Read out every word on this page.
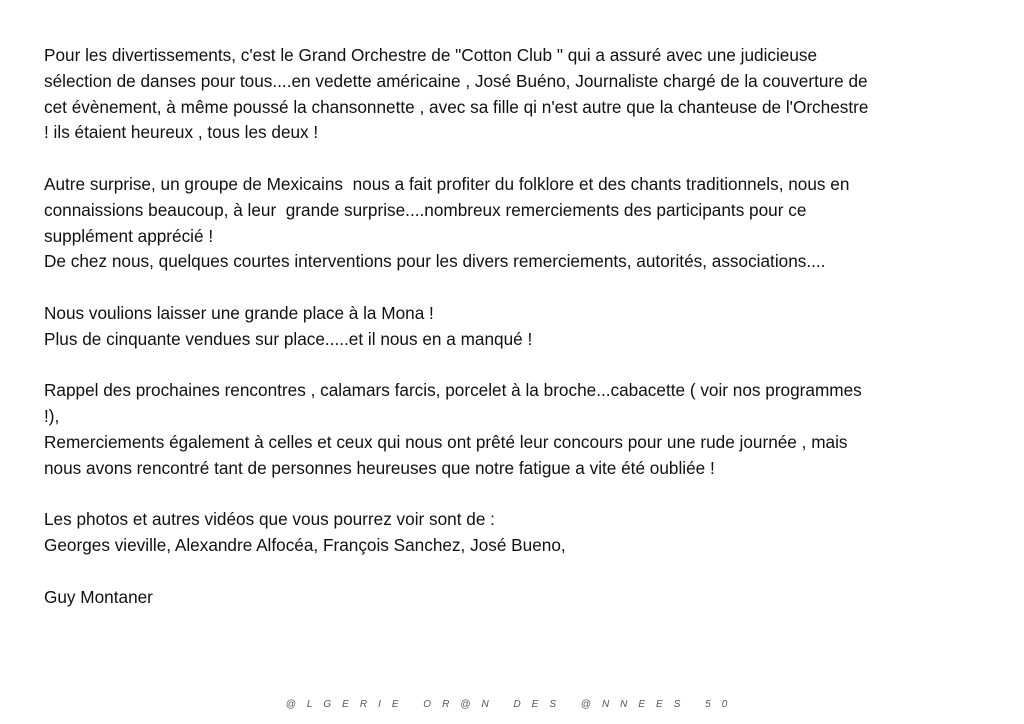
Pour les divertissements, c'est le Grand Orchestre de "Cotton Club " qui a assuré avec une judicieuse
sélection de danses pour tous....en vedette américaine , José Buéno, Journaliste chargé de la couverture de
cet évènement, à même poussé la chansonnette , avec sa fille qi n'est autre que la chanteuse de l'Orchestre
! ils étaient heureux , tous les deux !
Autre surprise, un groupe de Mexicains  nous a fait profiter du folklore et des chants traditionnels, nous en
connaissions beaucoup, à leur  grande surprise....nombreux remerciements des participants pour ce
supplément apprécié !
De chez nous, quelques courtes interventions pour les divers remerciements, autorités, associations....
Nous voulions laisser une grande place à la Mona !
Plus de cinquante vendues sur place.....et il nous en a manqué !
Rappel des prochaines rencontres , calamars farcis, porcelet à la broche...cabacette ( voir nos programmes
!),
Remerciements également à celles et ceux qui nous ont prêté leur concours pour une rude journée , mais
nous avons rencontré tant de personnes heureuses que notre fatigue a vite été oubliée !
Les photos et autres vidéos que vous pourrez voir sont de :
Georges vieville, Alexandre Alfocéa, François Sanchez, José Bueno,
Guy Montaner
@LGERIE OR@N DES @NNEES 50
